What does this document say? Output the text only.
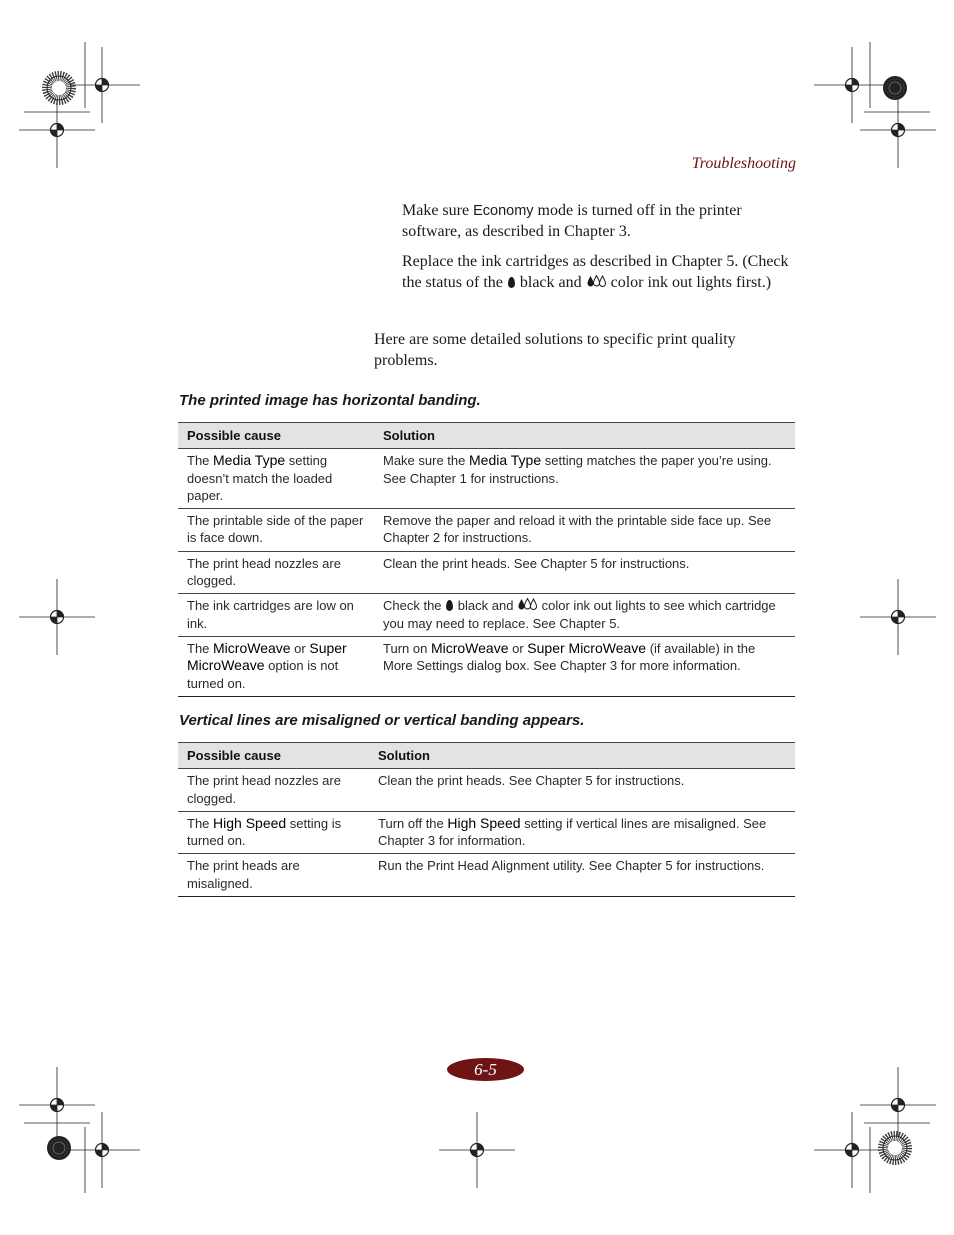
Troubleshooting

Make sure Economy mode is turned off in the printer software, as described in Chapter 3.

Replace the ink cartridges as described in Chapter 5. (Check the status of the  black and
color ink out lights first.)

Here are some detailed solutions to specific print quality problems.

The printed image has horizontal banding.
Possible cause	Solution
The Media Type setting doesn’t match the loaded paper.	Make sure the Media Type setting matches the paper you’re using. See Chapter 1 for instructions.
The printable side of the paper is face down.	Remove the paper and reload it with the printable side face up. See Chapter 2 for instructions.
The print head nozzles are clogged.	Clean the print heads. See Chapter 5 for instructions.
The ink cartridges are low on ink.	Check the  black and
color ink out lights to see which cartridge you may need to replace. See Chapter 5.
The MicroWeave or Super MicroWeave option is not turned on.	Turn on MicroWeave or Super MicroWeave (if available) in the More Settings dialog box. See Chapter 3 for more information.
Vertical lines are misaligned or vertical banding appears.
Possible cause	Solution
The print head nozzles are clogged.	Clean the print heads. See Chapter 5 for instructions.
The High Speed setting is turned on.	Turn off the High Speed setting if vertical lines are misaligned. See Chapter 3 for information.
The print heads are misaligned.	Run the Print Head Alignment utility. See Chapter 5 for instructions.
6-5
